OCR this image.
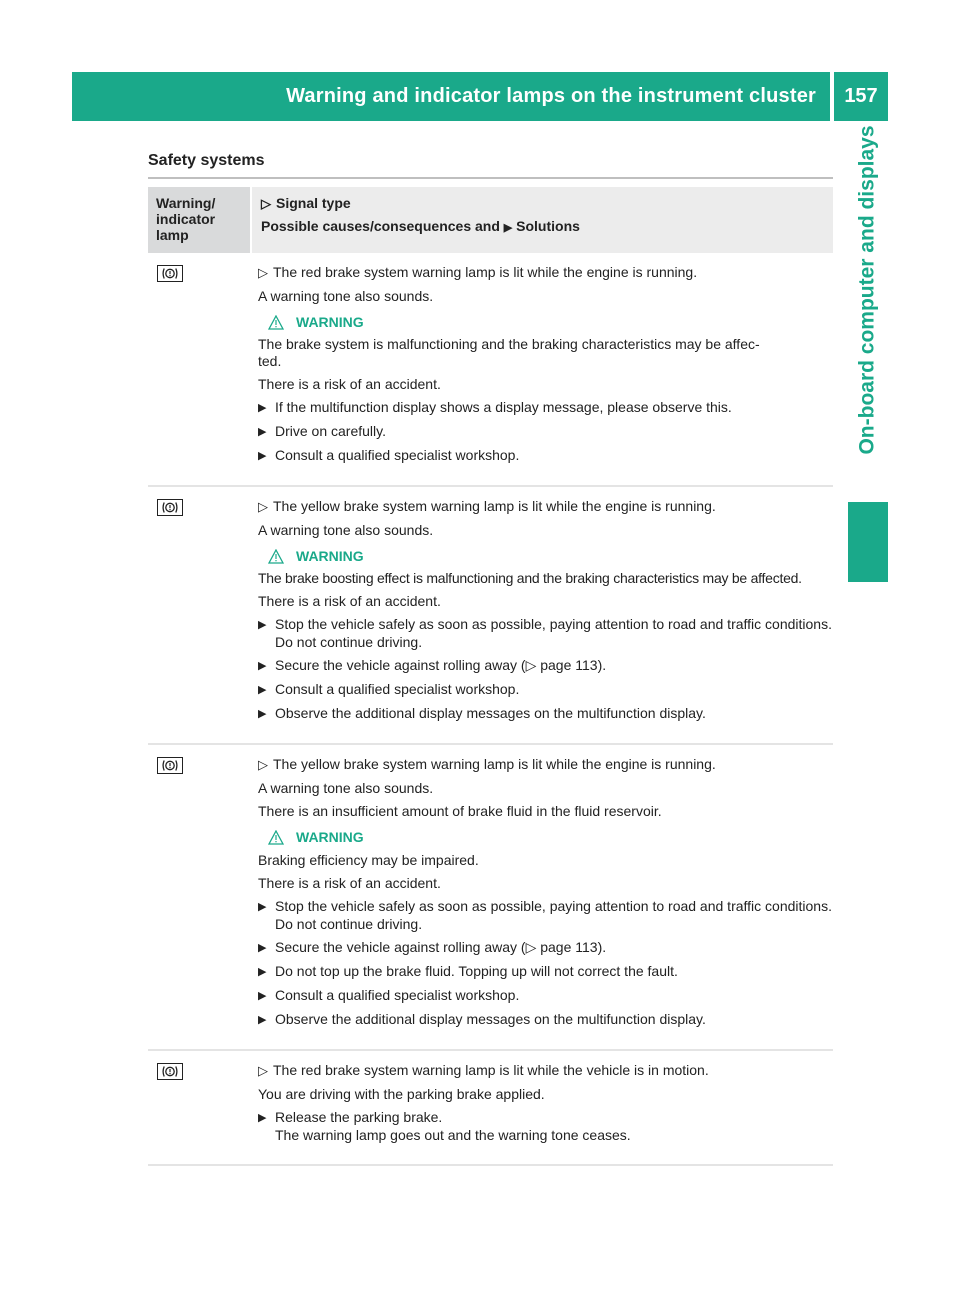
Warning and indicator lamps on the instrument cluster	157
On-board computer and displays
Safety systems
Warning/ indicator lamp
▷ Signal type
Possible causes/consequences and ▶ Solutions

▷ The red brake system warning lamp is lit while the engine is running.

A warning tone also sounds.

WARNING

The brake system is malfunctioning and the braking characteristics may be affec-
ted.

There is a risk of an accident.

▶ If the multifunction display shows a display message, please observe this.
▶ Drive on carefully.
▶ Consult a qualified specialist workshop.

▷ The yellow brake system warning lamp is lit while the engine is running.

A warning tone also sounds.

WARNING

The brake boosting effect is malfunctioning and the braking characteristics may be affected.

There is a risk of an accident.

▶ Stop the vehicle safely as soon as possible, paying attention to road and traffic conditions. Do not continue driving.
▶ Secure the vehicle against rolling away (▷ page 113).
▶ Consult a qualified specialist workshop.
▶ Observe the additional display messages on the multifunction display.

▷ The yellow brake system warning lamp is lit while the engine is running.

A warning tone also sounds.

There is an insufficient amount of brake fluid in the fluid reservoir.

WARNING

Braking efficiency may be impaired.

There is a risk of an accident.

▶ Stop the vehicle safely as soon as possible, paying attention to road and traffic conditions. Do not continue driving.
▶ Secure the vehicle against rolling away (▷ page 113).
▶ Do not top up the brake fluid. Topping up will not correct the fault.
▶ Consult a qualified specialist workshop.
▶ Observe the additional display messages on the multifunction display.

▷ The red brake system warning lamp is lit while the vehicle is in motion.

You are driving with the parking brake applied.

▶ Release the parking brake.
The warning lamp goes out and the warning tone ceases.
